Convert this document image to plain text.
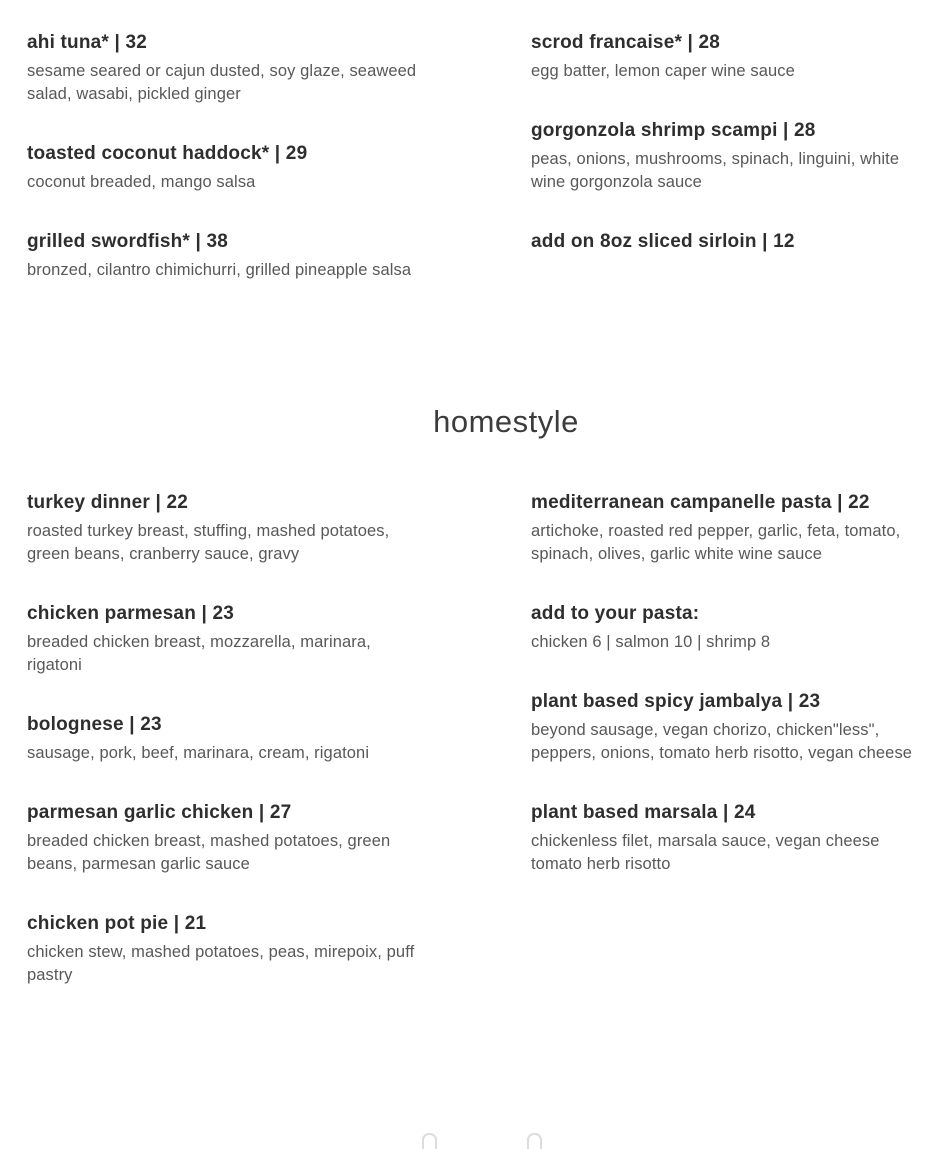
ahi tuna* | 32

sesame seared or cajun dusted, soy glaze, seaweed salad, wasabi, pickled ginger

toasted coconut haddock* | 29

coconut breaded, mango salsa

grilled swordfish* | 38

bronzed, cilantro chimichurri, grilled pineapple salsa

scrod francaise* | 28

egg batter, lemon caper wine sauce

gorgonzola shrimp scampi | 28

peas, onions, mushrooms, spinach, linguini, white wine gorgonzola sauce

add on 8oz sliced sirloin | 12
homestyle
turkey dinner | 22

roasted turkey breast, stuffing, mashed potatoes, green beans, cranberry sauce, gravy

chicken parmesan | 23

breaded chicken breast, mozzarella, marinara, rigatoni

bolognese | 23

sausage, pork, beef, marinara, cream, rigatoni

parmesan garlic chicken | 27

breaded chicken breast, mashed potatoes, green beans, parmesan garlic sauce

chicken pot pie | 21

chicken stew, mashed potatoes, peas, mirepoix, puff pastry

mediterranean campanelle pasta | 22

artichoke, roasted red pepper, garlic, feta, tomato, spinach, olives, garlic white wine sauce

add to your pasta:

chicken 6 | salmon 10 | shrimp 8

plant based spicy jambalya | 23

beyond sausage, vegan chorizo, chicken"less", peppers, onions, tomato herb risotto, vegan cheese

plant based marsala | 24

chickenless filet, marsala sauce, vegan cheese tomato herb risotto
